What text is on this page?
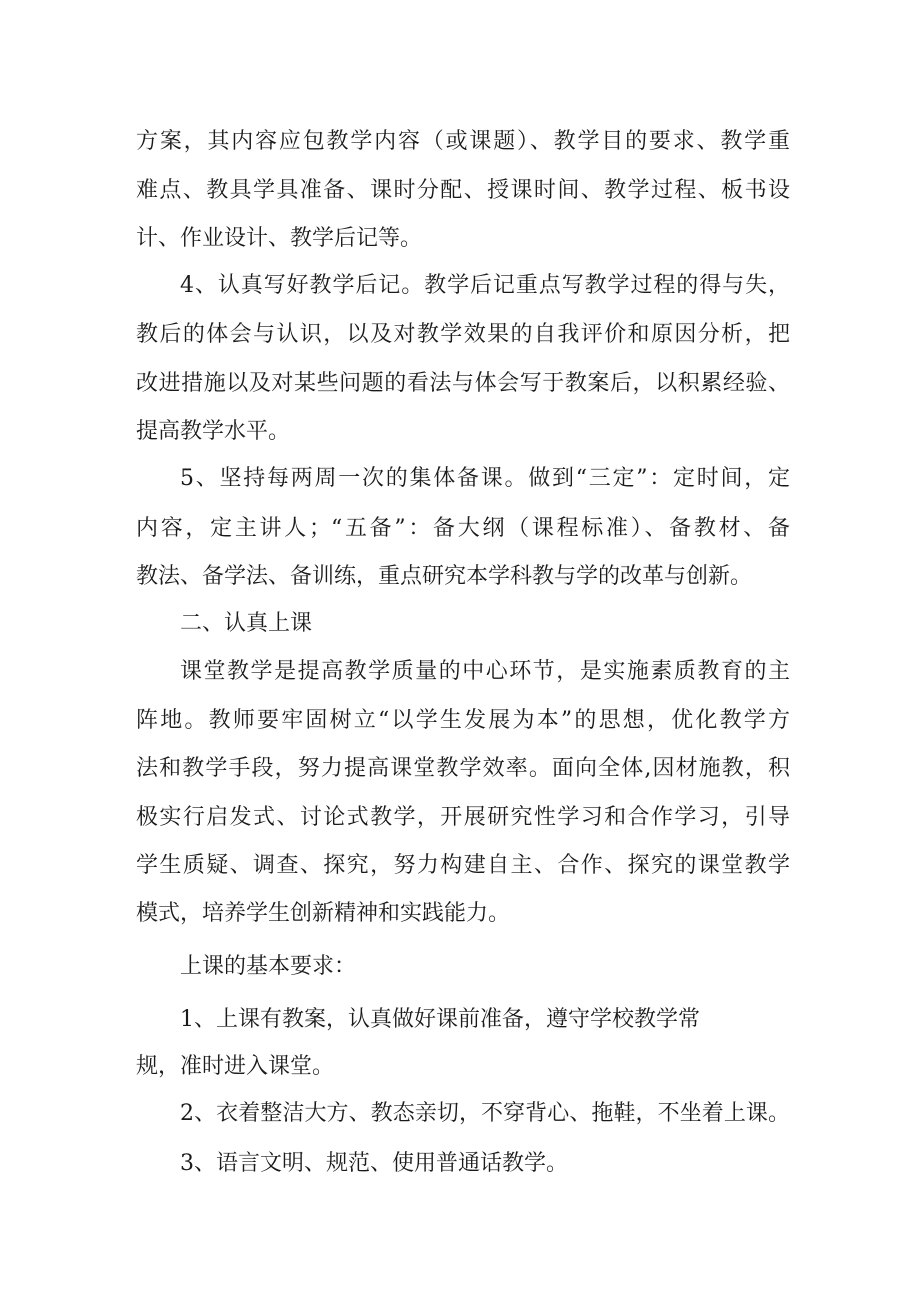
方案，其内容应包教学内容（或课题）、教学目的要求、教学重

难点、教具学具准备、课时分配、授课时间、教学过程、板书设

计、作业设计、教学后记等。

4、认真写好教学后记。教学后记重点写教学过程的得与失，

教后的体会与认识，以及对教学效果的自我评价和原因分析，把

改进措施以及对某些问题的看法与体会写于教案后，以积累经验、

提高教学水平。

5、坚持每两周一次的集体备课。做到“三定”：定时间，定

内容，定主讲人；“五备”：备大纲（课程标准）、备教材、备

教法、备学法、备训练，重点研究本学科教与学的改革与创新。

二、认真上课

课堂教学是提高教学质量的中心环节，是实施素质教育的主

阵地。教师要牢固树立“以学生发展为本”的思想，优化教学方

法和教学手段，努力提高课堂教学效率。面向全体,因材施教，积

极实行启发式、讨论式教学，开展研究性学习和合作学习，引导

学生质疑、调查、探究，努力构建自主、合作、探究的课堂教学

模式，培养学生创新精神和实践能力。

上课的基本要求：

1、上课有教案，认真做好课前准备，遵守学校教学常

规，准时进入课堂。

2、衣着整洁大方、教态亲切，不穿背心、拖鞋，不坐着上课。

3、语言文明、规范、使用普通话教学。
